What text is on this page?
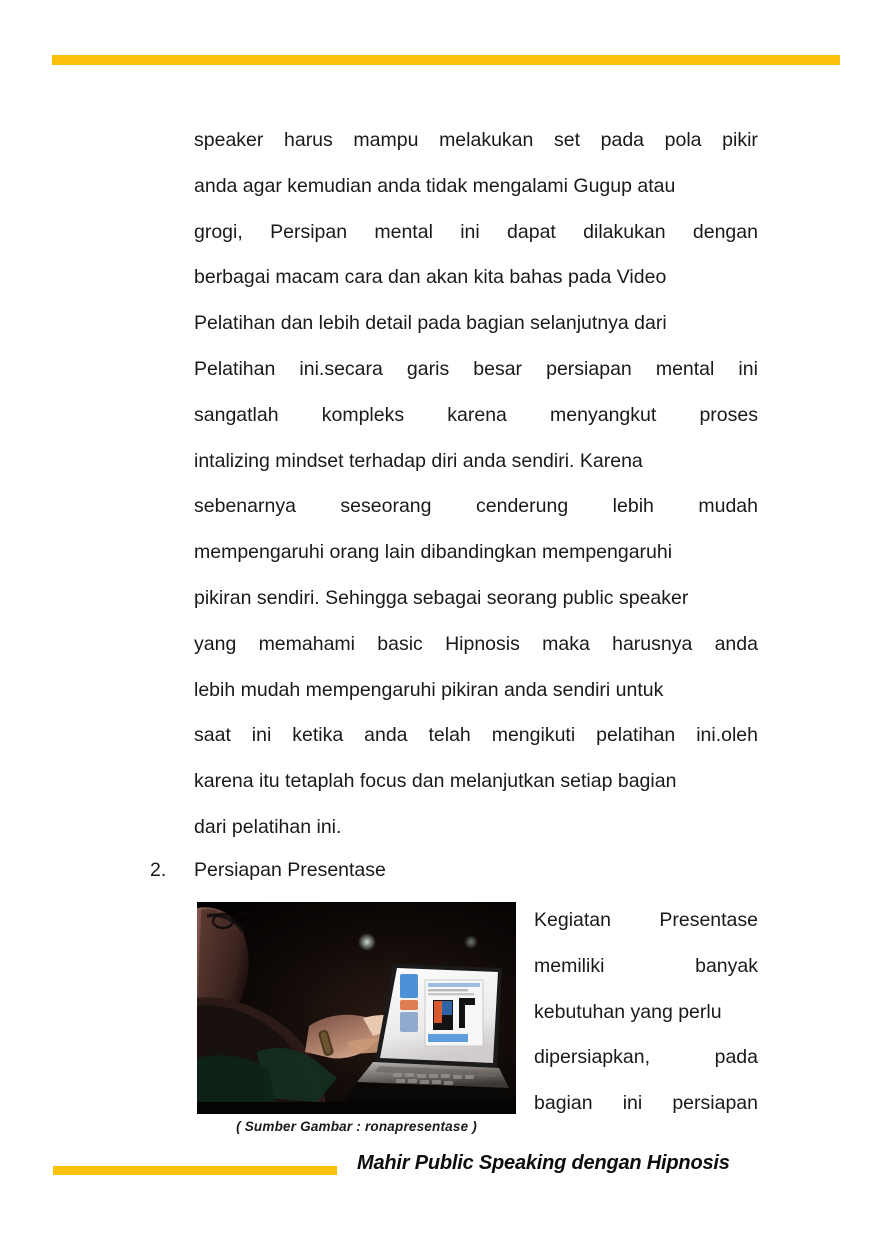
speaker harus mampu melakukan set pada pola pikir
anda agar kemudian anda tidak mengalami Gugup atau
grogi, Persipan mental ini dapat dilakukan dengan
berbagai macam cara dan akan kita bahas pada Video
Pelatihan dan lebih detail pada bagian selanjutnya dari
Pelatihan ini.secara garis besar persiapan mental ini
sangatlah kompleks karena menyangkut proses
intalizing mindset terhadap diri anda sendiri. Karena
sebenarnya seseorang cenderung lebih mudah
mempengaruhi orang lain dibandingkan mempengaruhi
pikiran sendiri. Sehingga sebagai seorang public speaker
yang memahami basic Hipnosis maka harusnya anda
lebih mudah mempengaruhi pikiran anda sendiri untuk
saat ini ketika anda telah mengikuti pelatihan ini.oleh
karena itu tetaplah focus dan melanjutkan setiap bagian
dari pelatihan ini.
2. Persiapan Presentase
( Sumber Gambar : ronapresentase )
Kegiatan Presentase
memiliki	banyak
kebutuhan yang perlu
dipersiapkan,	pada
bagian ini persiapan
Mahir Public Speaking dengan Hipnosis
